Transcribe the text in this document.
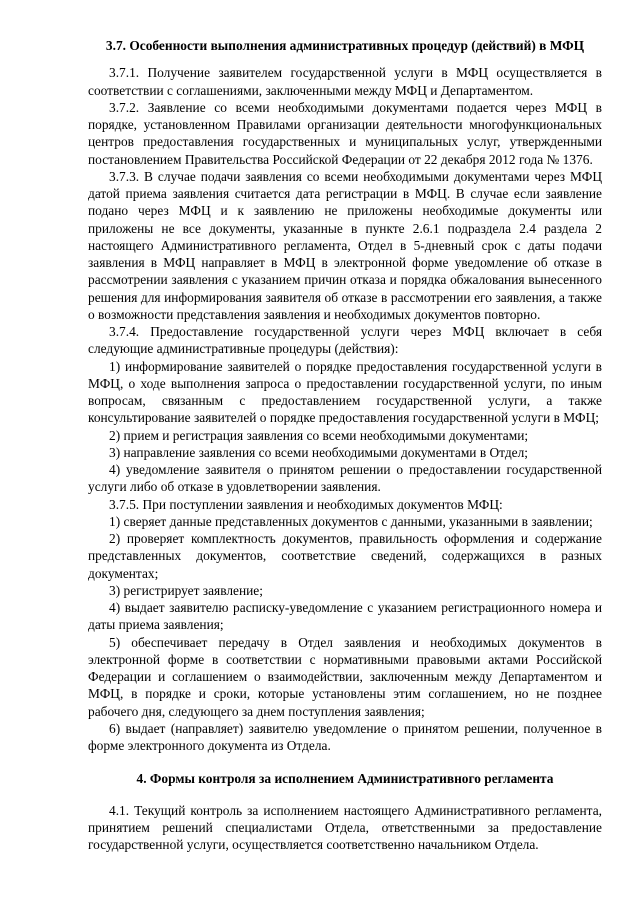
3.7. Особенности выполнения административных процедур (действий) в МФЦ

3.7.1. Получение заявителем государственной услуги в МФЦ осуществляется в соответствии с соглашениями, заключенными между МФЦ и Департаментом.

3.7.2. Заявление со всеми необходимыми документами подается через МФЦ в порядке, установленном Правилами организации деятельности многофункциональных центров предоставления государственных и муниципальных услуг, утвержденными постановлением Правительства Российской Федерации от 22 декабря 2012 года № 1376.

3.7.3. В случае подачи заявления со всеми необходимыми документами через МФЦ датой приема заявления считается дата регистрации в МФЦ. В случае если заявление подано через МФЦ и к заявлению не приложены необходимые документы или приложены не все документы, указанные в пункте 2.6.1 подраздела 2.4 раздела 2 настоящего Административного регламента, Отдел в 5-дневный срок с даты подачи заявления в МФЦ направляет в МФЦ в электронной форме уведомление об отказе в рассмотрении заявления с указанием причин отказа и порядка обжалования вынесенного решения для информирования заявителя об отказе в рассмотрении его заявления, а также о возможности представления заявления и необходимых документов повторно.

3.7.4. Предоставление государственной услуги через МФЦ включает в себя следующие административные процедуры (действия):

1) информирование заявителей о порядке предоставления государственной услуги в МФЦ, о ходе выполнения запроса о предоставлении государственной услуги, по иным вопросам, связанным с предоставлением государственной услуги, а также консультирование заявителей о порядке предоставления государственной услуги в МФЦ;

2) прием и регистрация заявления со всеми необходимыми документами;

3) направление заявления со всеми необходимыми документами в Отдел;

4) уведомление заявителя о принятом решении о предоставлении государственной услуги либо об отказе в удовлетворении заявления.

3.7.5. При поступлении заявления и необходимых документов МФЦ:

1) сверяет данные представленных документов с данными, указанными в заявлении;

2) проверяет комплектность документов, правильность оформления и содержание представленных документов, соответствие сведений, содержащихся в разных документах;

3) регистрирует заявление;

4) выдает заявителю расписку-уведомление с указанием регистрационного номера и даты приема заявления;

5) обеспечивает передачу в Отдел заявления и необходимых документов в электронной форме в соответствии с нормативными правовыми актами Российской Федерации и соглашением о взаимодействии, заключенным между Департаментом и МФЦ, в порядке и сроки, которые установлены этим соглашением, но не позднее рабочего дня, следующего за днем поступления заявления;

6) выдает (направляет) заявителю уведомление о принятом решении, полученное в форме электронного документа из Отдела.

4. Формы контроля за исполнением Административного регламента

4.1. Текущий контроль за исполнением настоящего Административного регламента, принятием решений специалистами Отдела, ответственными за предоставление государственной услуги, осуществляется соответственно начальником Отдела.
